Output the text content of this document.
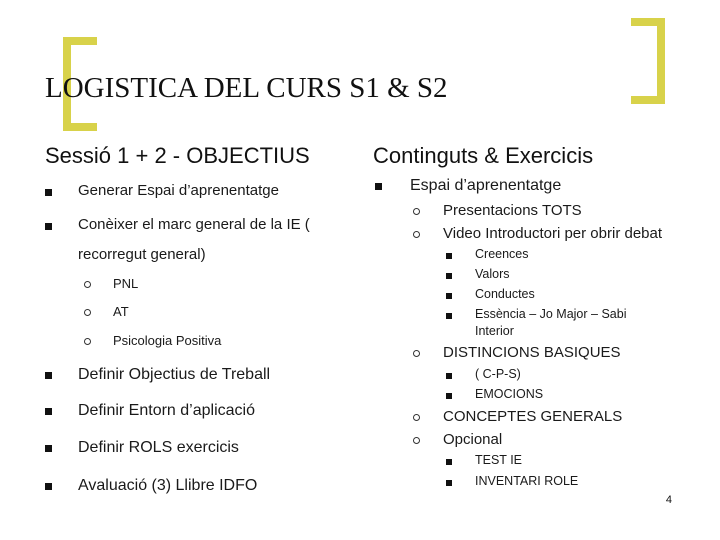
LOGISTICA DEL CURS S1 & S2
Sessió 1 + 2 - OBJECTIUS
Generar Espai d’aprenentatge
Conèixer el marc general de la IE (
recorregut general)
PNL
AT
Psicologia Positiva
Definir Objectius de Treball
Definir Entorn d’aplicació
Definir ROLS exercicis
Avaluació (3) Llibre IDFO
Continguts & Exercicis
Espai d’aprenentatge
Presentacions TOTS
Video Introductori per obrir debat
Creences
Valors
Conductes
Essència – Jo Major – Sabi
Interior
DISTINCIONS BASIQUES
( C-P-S)
EMOCIONS
CONCEPTES GENERALS
Opcional
TEST IE
INVENTARI ROLE
4
